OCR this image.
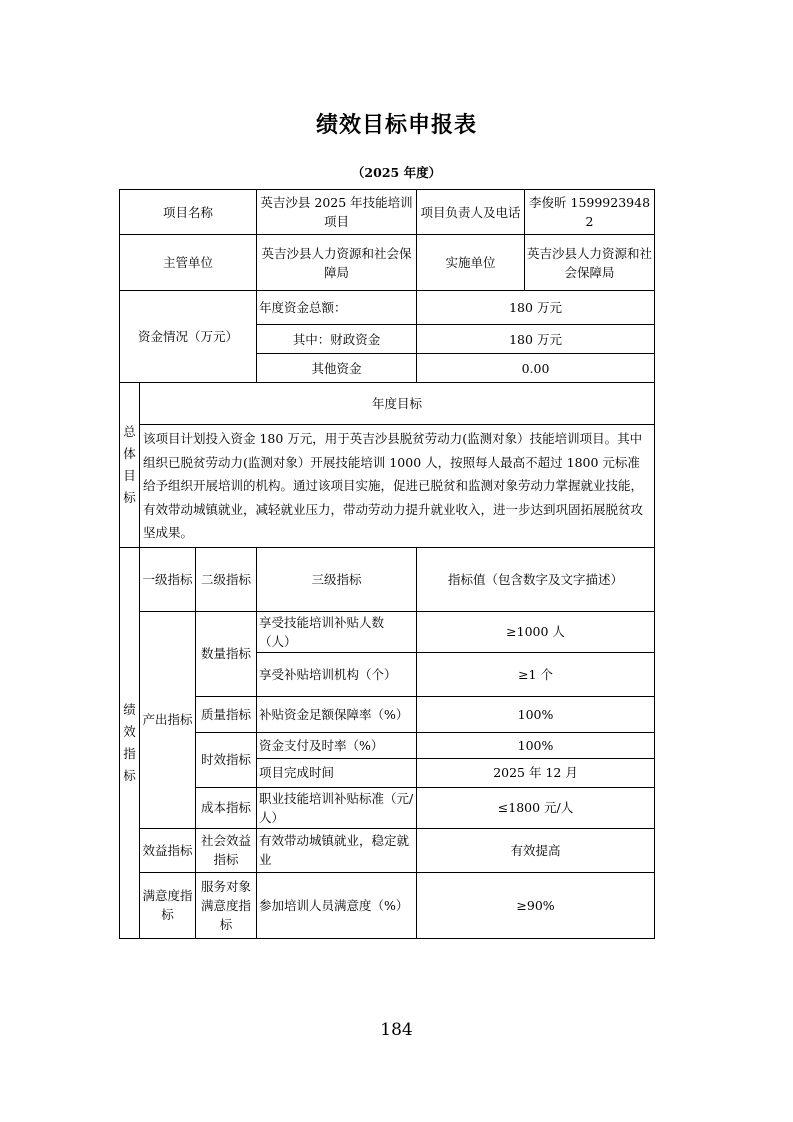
绩效目标申报表
（2025 年度）
项目名称			英吉沙县 2025 年技能培训项目	项目负责人及电话	李俊昕 15999239482
主管单位			英吉沙县人力资源和社会保障局	实施单位	英吉沙县人力资源和社会保障局
资金情况（万元）			年度资金总额：	180 万元	
			其中：财政资金	180 万元	
			其他资金	0.00	
总体目标	年度目标				
	该项目计划投入资金 180 万元，用于英吉沙县脱贫劳动力(监测对象）技能培训项目。其中组织已脱贫劳动力(监测对象）开展技能培训 1000 人，按照每人最高不超过 1800 元标准给予组织开展培训的机构。通过该项目实施，促进已脱贫和监测对象劳动力掌握就业技能，有效带动城镇就业，减轻就业压力，带动劳动力提升就业收入，进一步达到巩固拓展脱贫攻坚成果。				
绩效指标	一级指标	二级指标	三级指标	指标值（包含数字及文字描述）	
	产出指标	数量指标	享受技能培训补贴人数（人）	≥1000 人	
			享受补贴培训机构（个）	≥1 个	
		质量指标	补贴资金足额保障率（%）	100%	
		时效指标	资金支付及时率（%）	100%	
			项目完成时间	2025 年 12 月	
		成本指标	职业技能培训补贴标准（元/人）	≤1800 元/人	
	效益指标	社会效益指标	有效带动城镇就业，稳定就业	有效提高	
	满意度指标	服务对象满意度指标	参加培训人员满意度（%）	≥90%	
184
